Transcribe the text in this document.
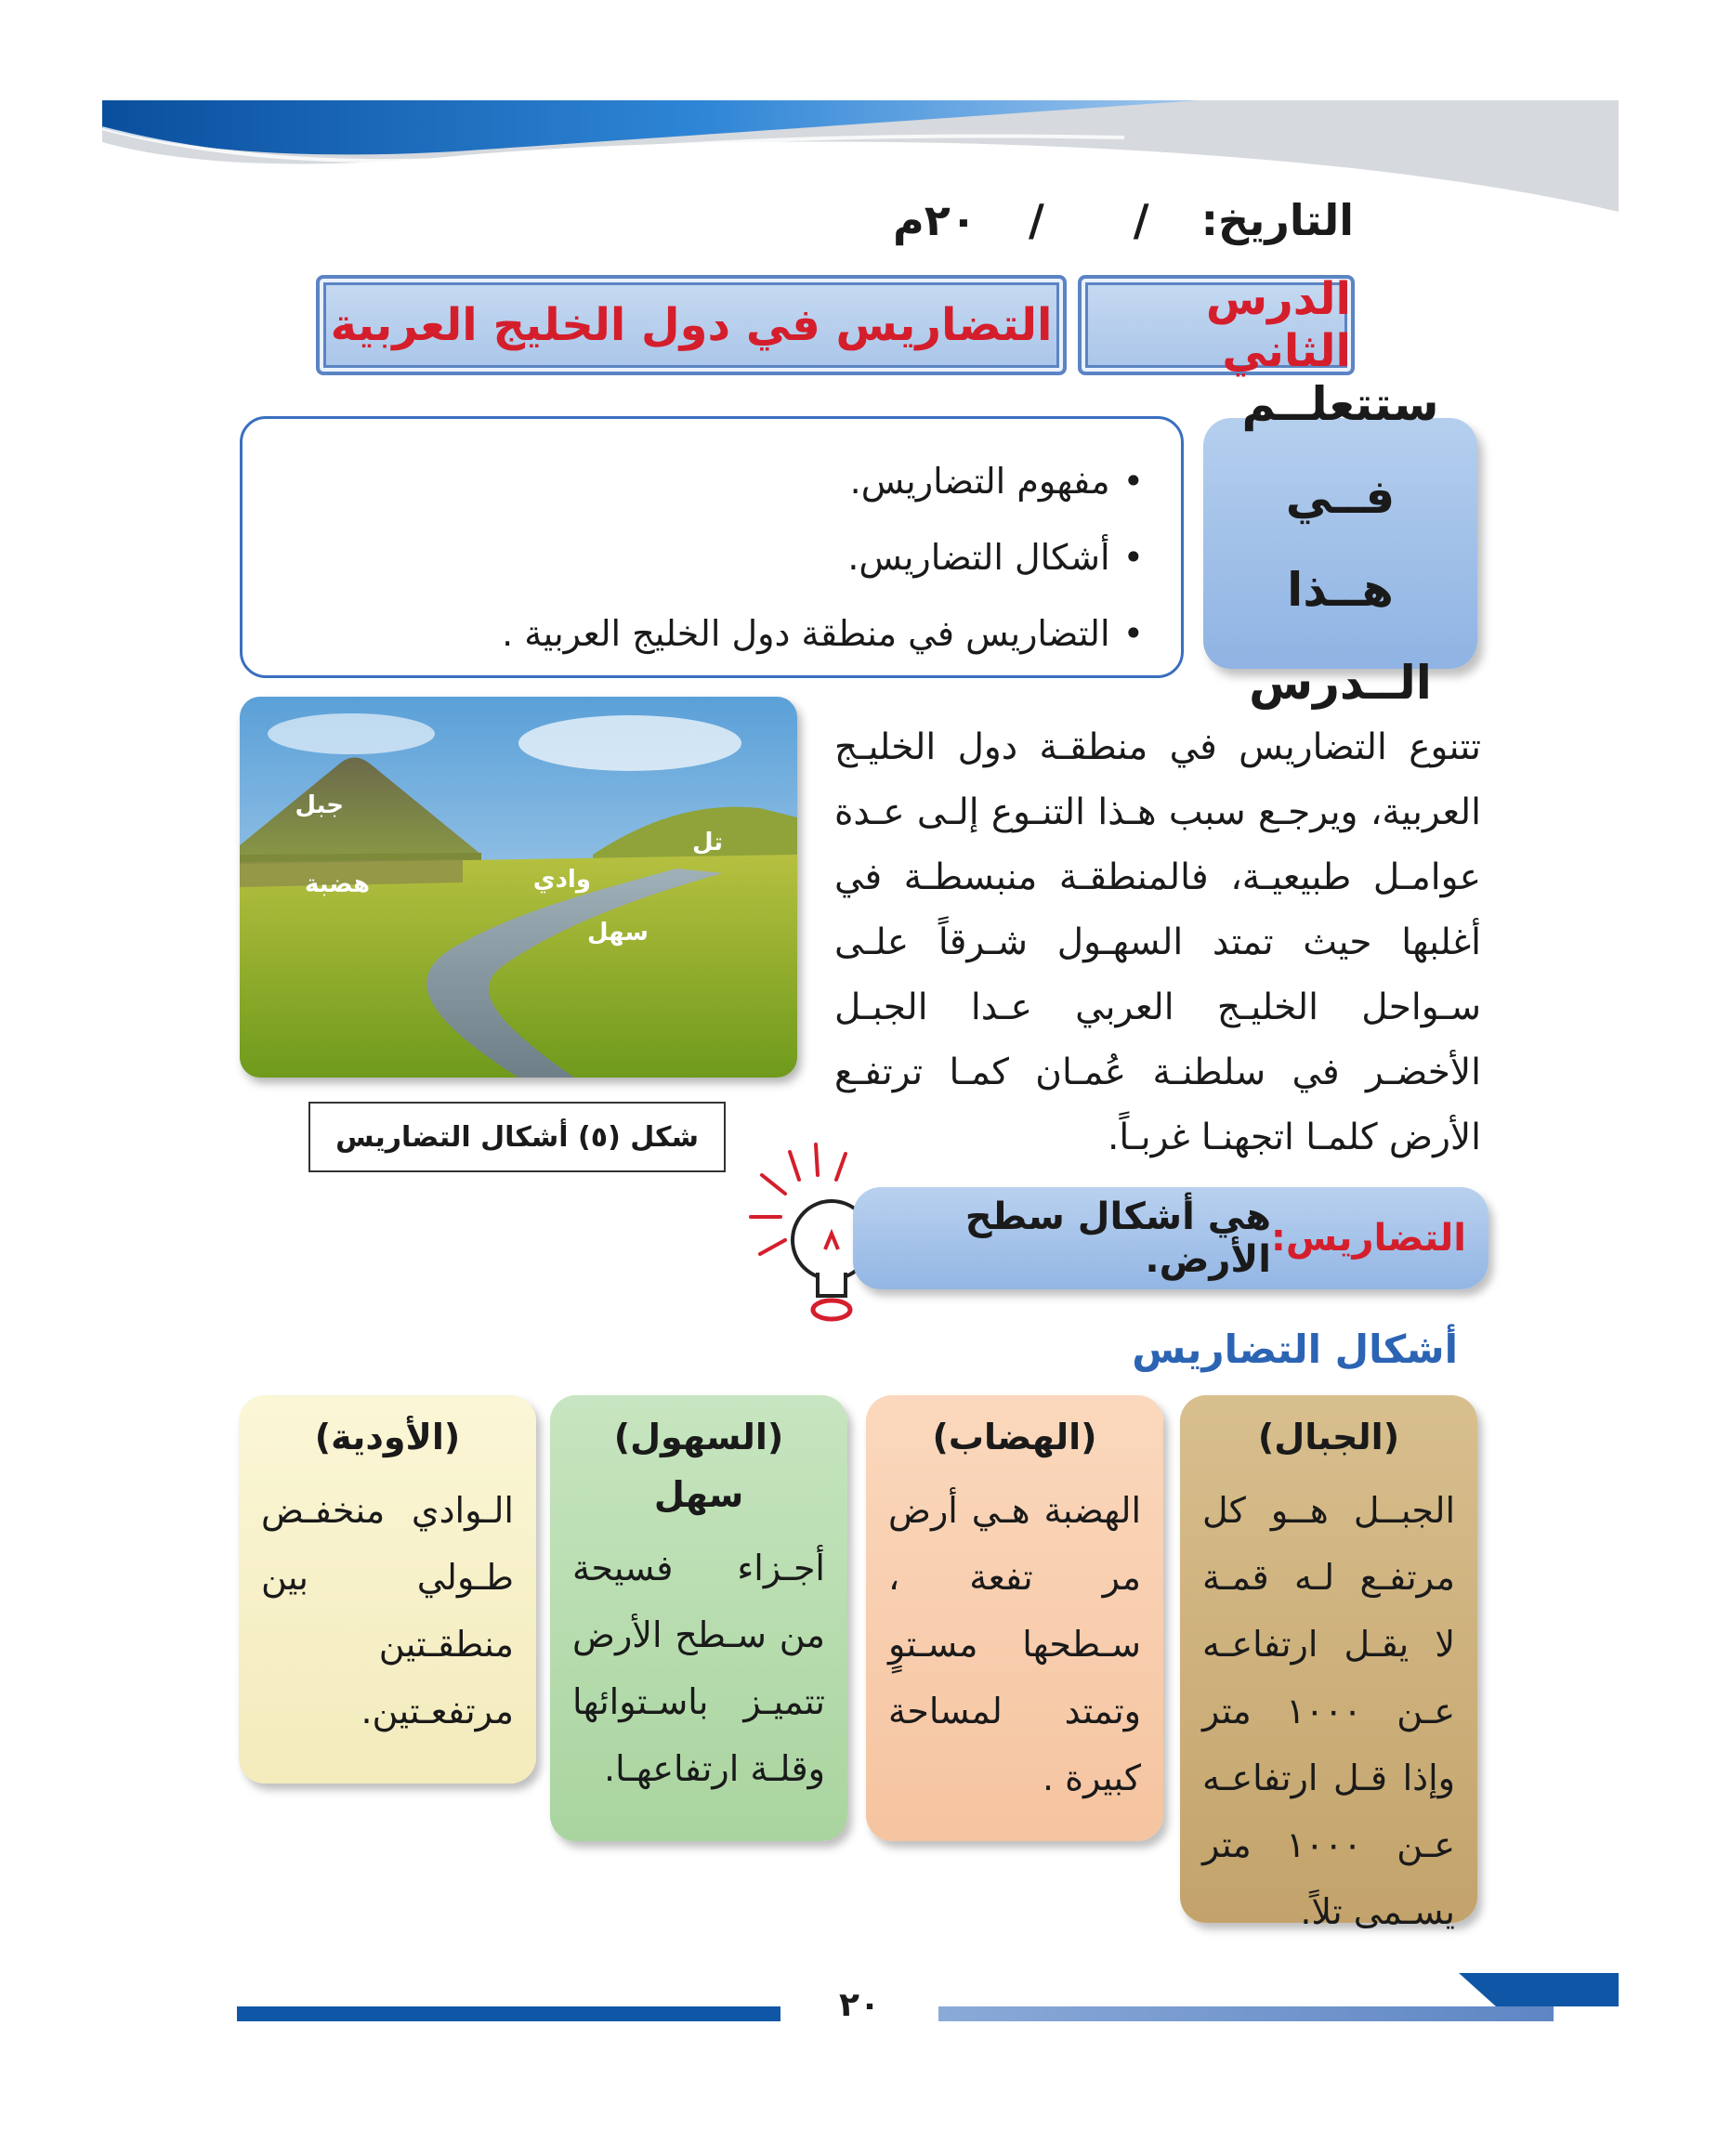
التاريخ: / / ٢٠م
الدرس الثاني
التضاريس في دول الخليج العربية
ستتعلــم فــي
هــذا الــدرس
• مفهوم التضاريس.
• أشكال التضاريس.
• التضاريس في منطقة دول الخليج العربية .
جبل
تل
هضبة	وادي
سهل
تتنوع التضاريس في منطقـة دول الخليـج العربية، ويرجـع سبب هـذا التنـوع إلـى عـدة عوامـل طبيعيـة، فالمنطقـة منبسطـة في أغلبها حيث تمتد السهـول شـرقاً علـى سـواحل الخليـج العربي عـدا الجبـل الأخضـر في سلطنـة عُمـان كمـا ترتفـع الأرض كلمـا اتجهنـا غربـاً.
شكل (٥) أشكال التضاريس
التضاريس:
هي أشكال سطح الأرض.
أشكال التضاريس
(الجبال)
الجبــل هــو كل مرتفـع لـه قمـة لا يقـل ارتفاعـه عـن ١٠٠٠ متر وإذا قـل ارتفاعـه عـن ١٠٠٠ متر يسـمى تلاً.
(الهضاب)
الهضبة هـي أرض مر تفعة ، سـطحها مسـتوٍ وتمتد لمساحة كبيرة .
(السهول) سهل
أجـزاء فسيحة من سـطح الأرض تتميـز باسـتوائها وقلـة ارتفاعهـا.
(الأودية)
الـوادي منخفـض طـولي بين منطقـتين مرتفعـتين.
٢٠
